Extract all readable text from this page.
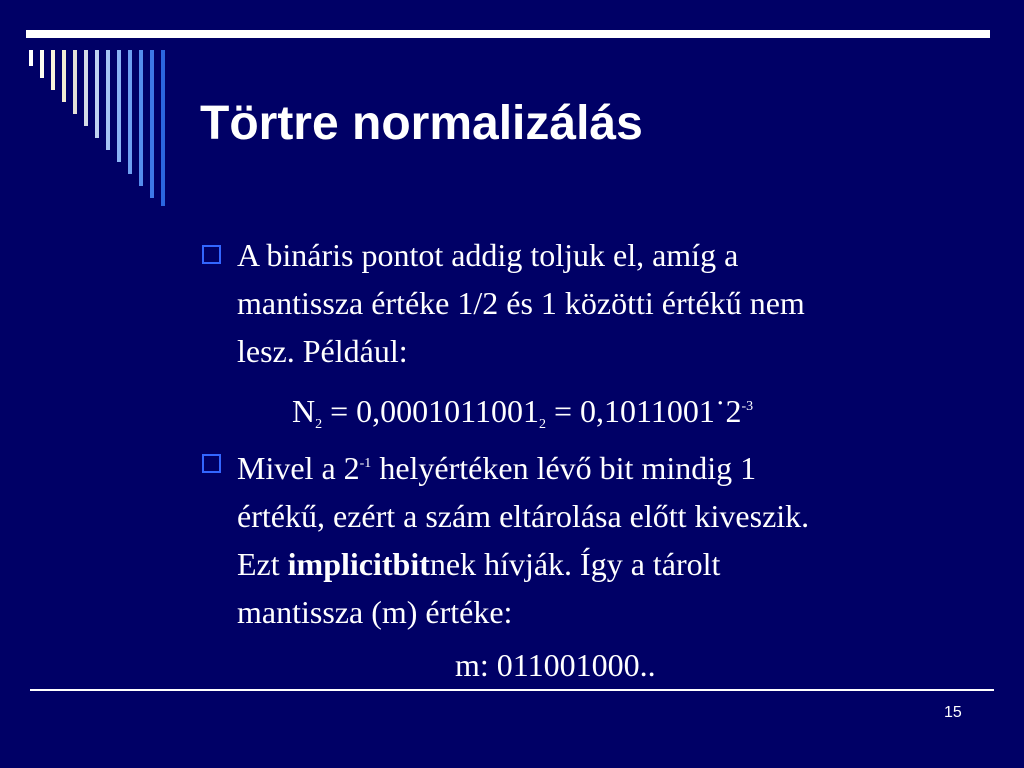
Törtre normalizálás

A bináris pontot addig toljuk el, amíg a
mantissza értéke 1/2 és 1 közötti értékű nem
lesz. Például:

$N_2 = 0,0001011001_2$ = $0,1011001˙2^{-3}$

Mivel a $2^{-1}$ helyértéken lévő bit mindig 1
értékű, ezért a szám eltárolása előtt kiveszik.
Ezt implicitbitnek hívják. Így a tárolt
mantissza (m) értéke:

m: 011001000..

15
